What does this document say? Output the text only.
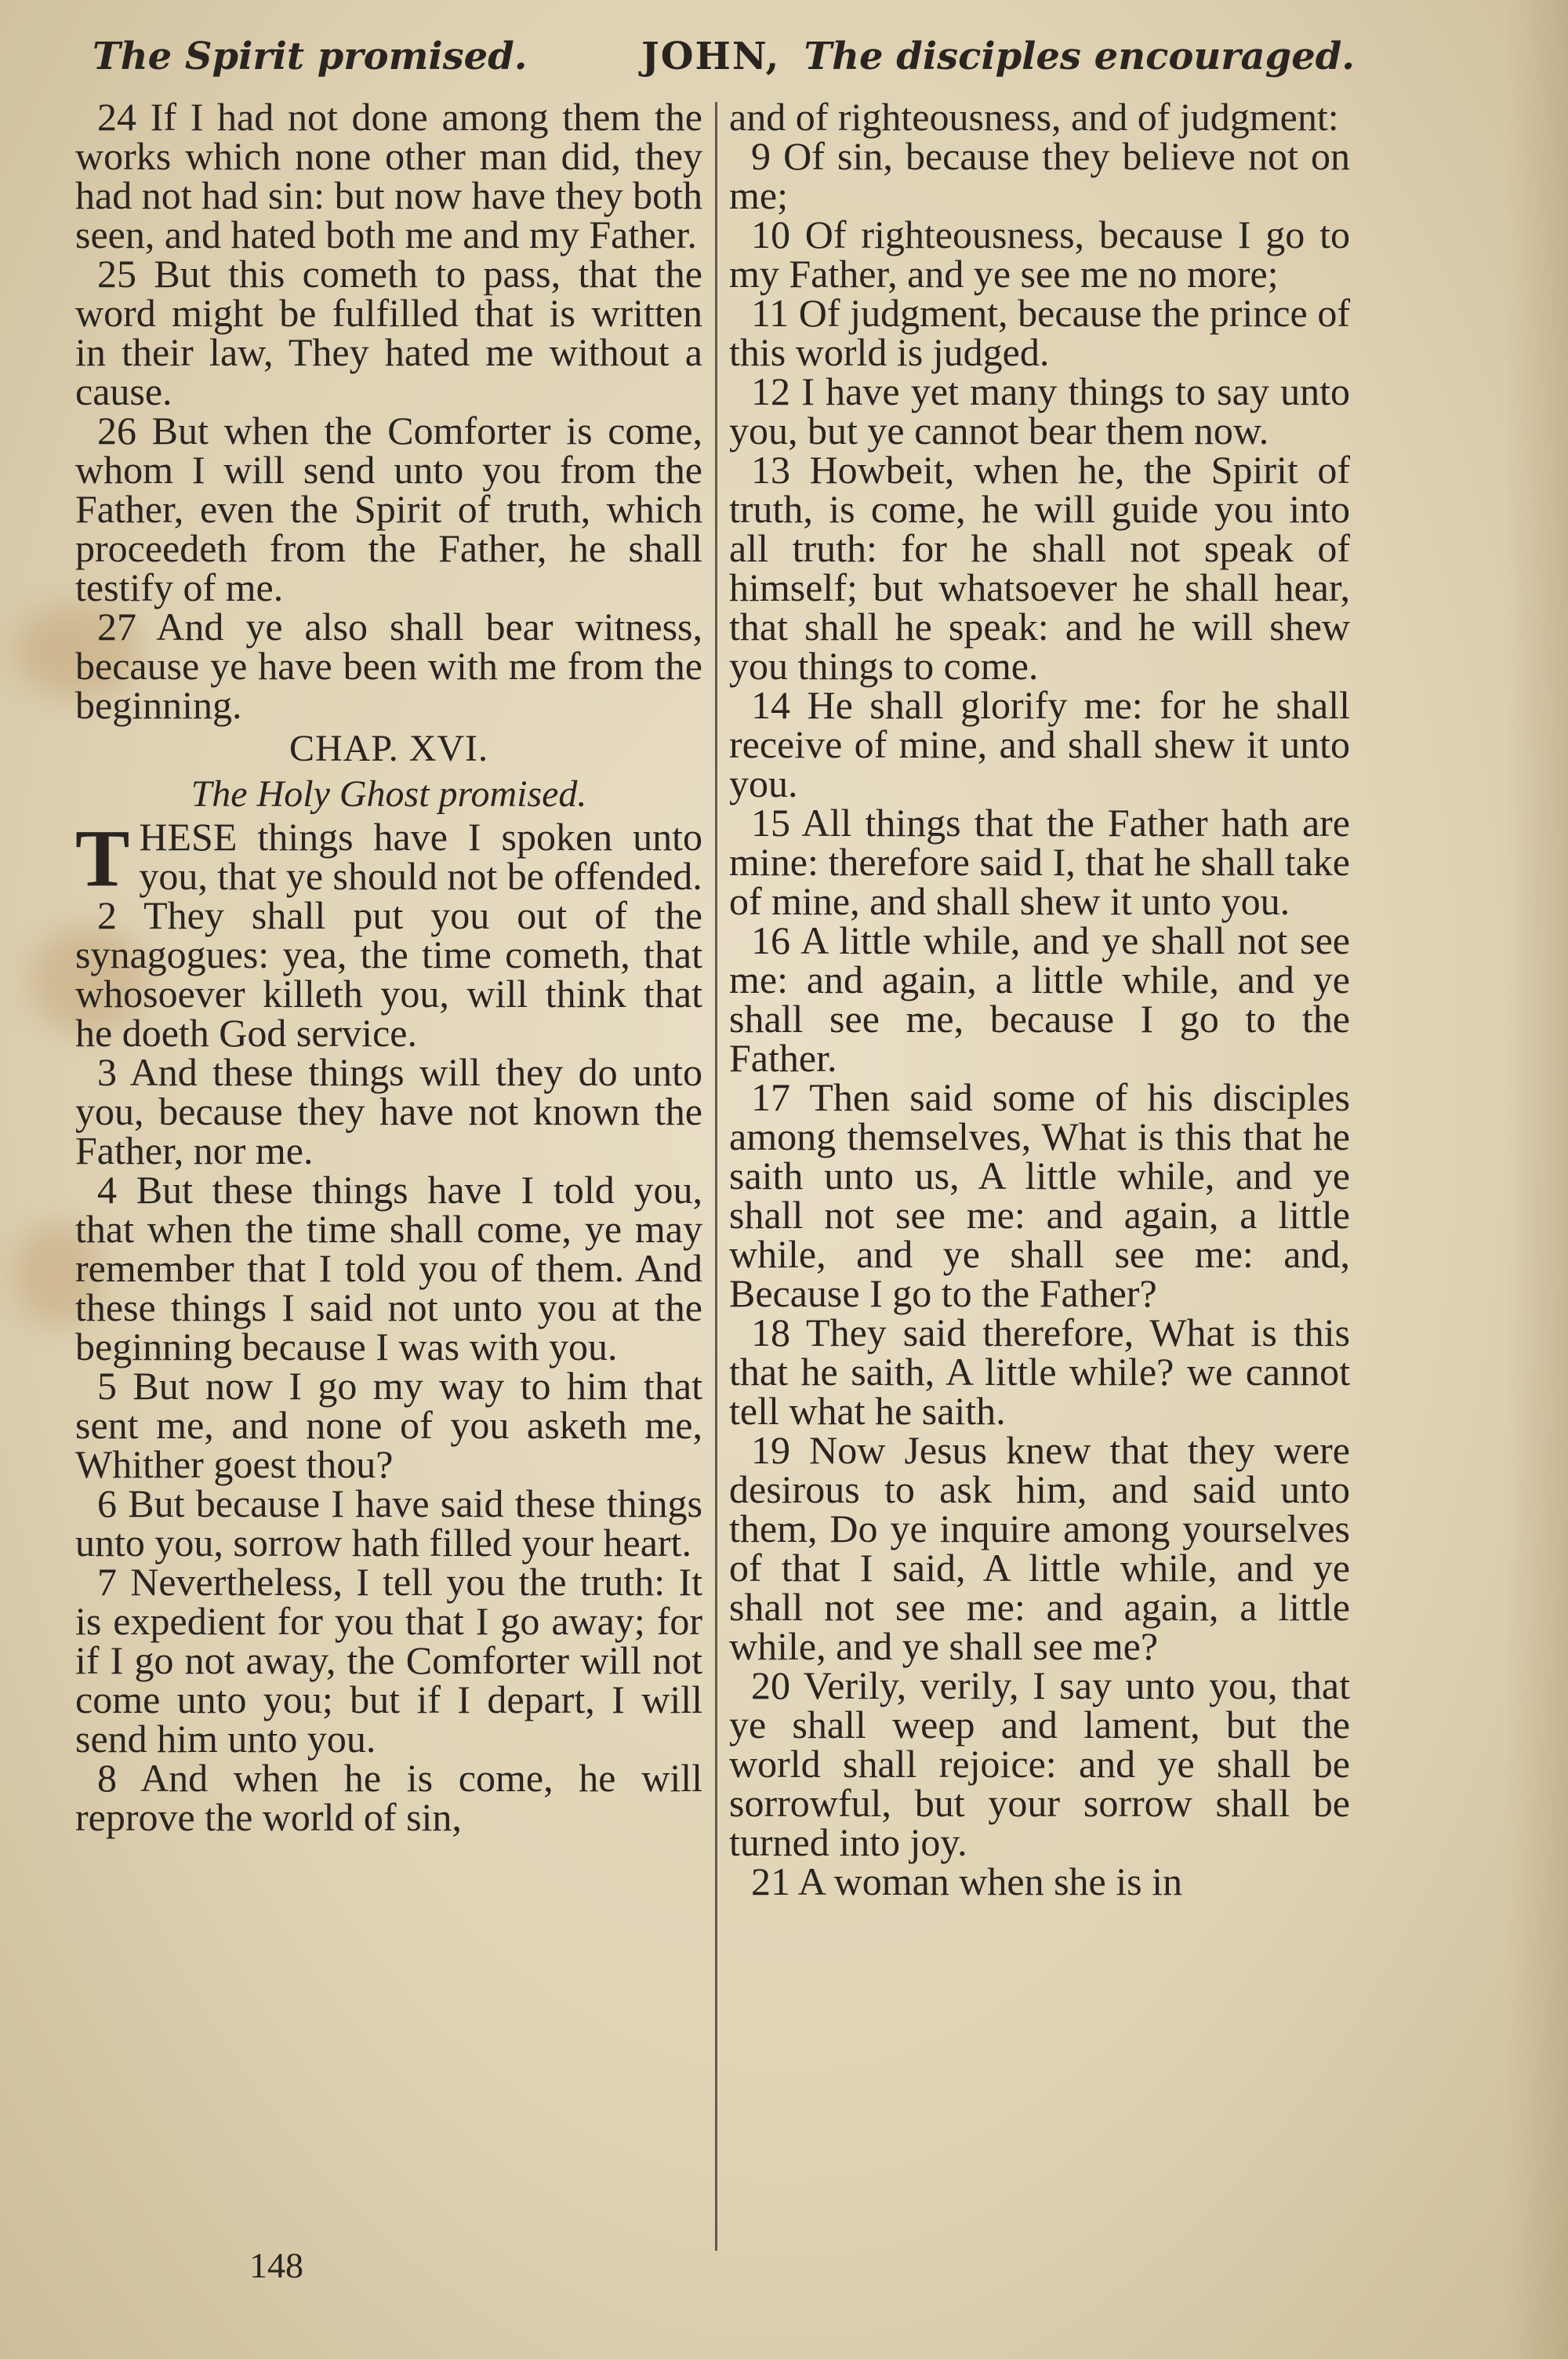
The Spirit promised.	JOHN, The disciples encouraged.

24 If I had not done among them the works which none other man did, they had not had sin: but now have they both seen, and hated both me and my Father.

25 But this cometh to pass, that the word might be fulfilled that is written in their law, They hated me without a cause.

26 But when the Comforter is come, whom I will send unto you from the Father, even the Spirit of truth, which proceedeth from the Father, he shall testify of me.

27 And ye also shall bear witness, because ye have been with me from the beginning.

CHAP. XVI.
The Holy Ghost promised.

THESE things have I spoken unto you, that ye should not be offended.

2 They shall put you out of the synagogues: yea, the time cometh, that whosoever killeth you, will think that he doeth God service.

3 And these things will they do unto you, because they have not known the Father, nor me.

4 But these things have I told you, that when the time shall come, ye may remember that I told you of them. And these things I said not unto you at the beginning because I was with you.

5 But now I go my way to him that sent me, and none of you asketh me, Whither goest thou?

6 But because I have said these things unto you, sorrow hath filled your heart.

7 Nevertheless, I tell you the truth: It is expedient for you that I go away; for if I go not away, the Comforter will not come unto you; but if I depart, I will send him unto you.

8 And when he is come, he will reprove the world of sin,

and of righteousness, and of judgment:

9 Of sin, because they believe not on me;

10 Of righteousness, because I go to my Father, and ye see me no more;

11 Of judgment, because the prince of this world is judged.

12 I have yet many things to say unto you, but ye cannot bear them now.

13 Howbeit, when he, the Spirit of truth, is come, he will guide you into all truth: for he shall not speak of himself; but whatsoever he shall hear, that shall he speak: and he will shew you things to come.

14 He shall glorify me: for he shall receive of mine, and shall shew it unto you.

15 All things that the Father hath are mine: therefore said I, that he shall take of mine, and shall shew it unto you.

16 A little while, and ye shall not see me: and again, a little while, and ye shall see me, because I go to the Father.

17 Then said some of his disciples among themselves, What is this that he saith unto us, A little while, and ye shall not see me: and again, a little while, and ye shall see me: and, Because I go to the Father?

18 They said therefore, What is this that he saith, A little while? we cannot tell what he saith.

19 Now Jesus knew that they were desirous to ask him, and said unto them, Do ye inquire among yourselves of that I said, A little while, and ye shall not see me: and again, a little while, and ye shall see me?

20 Verily, verily, I say unto you, that ye shall weep and lament, but the world shall rejoice: and ye shall be sorrowful, but your sorrow shall be turned into joy.

21 A woman when she is in

148
